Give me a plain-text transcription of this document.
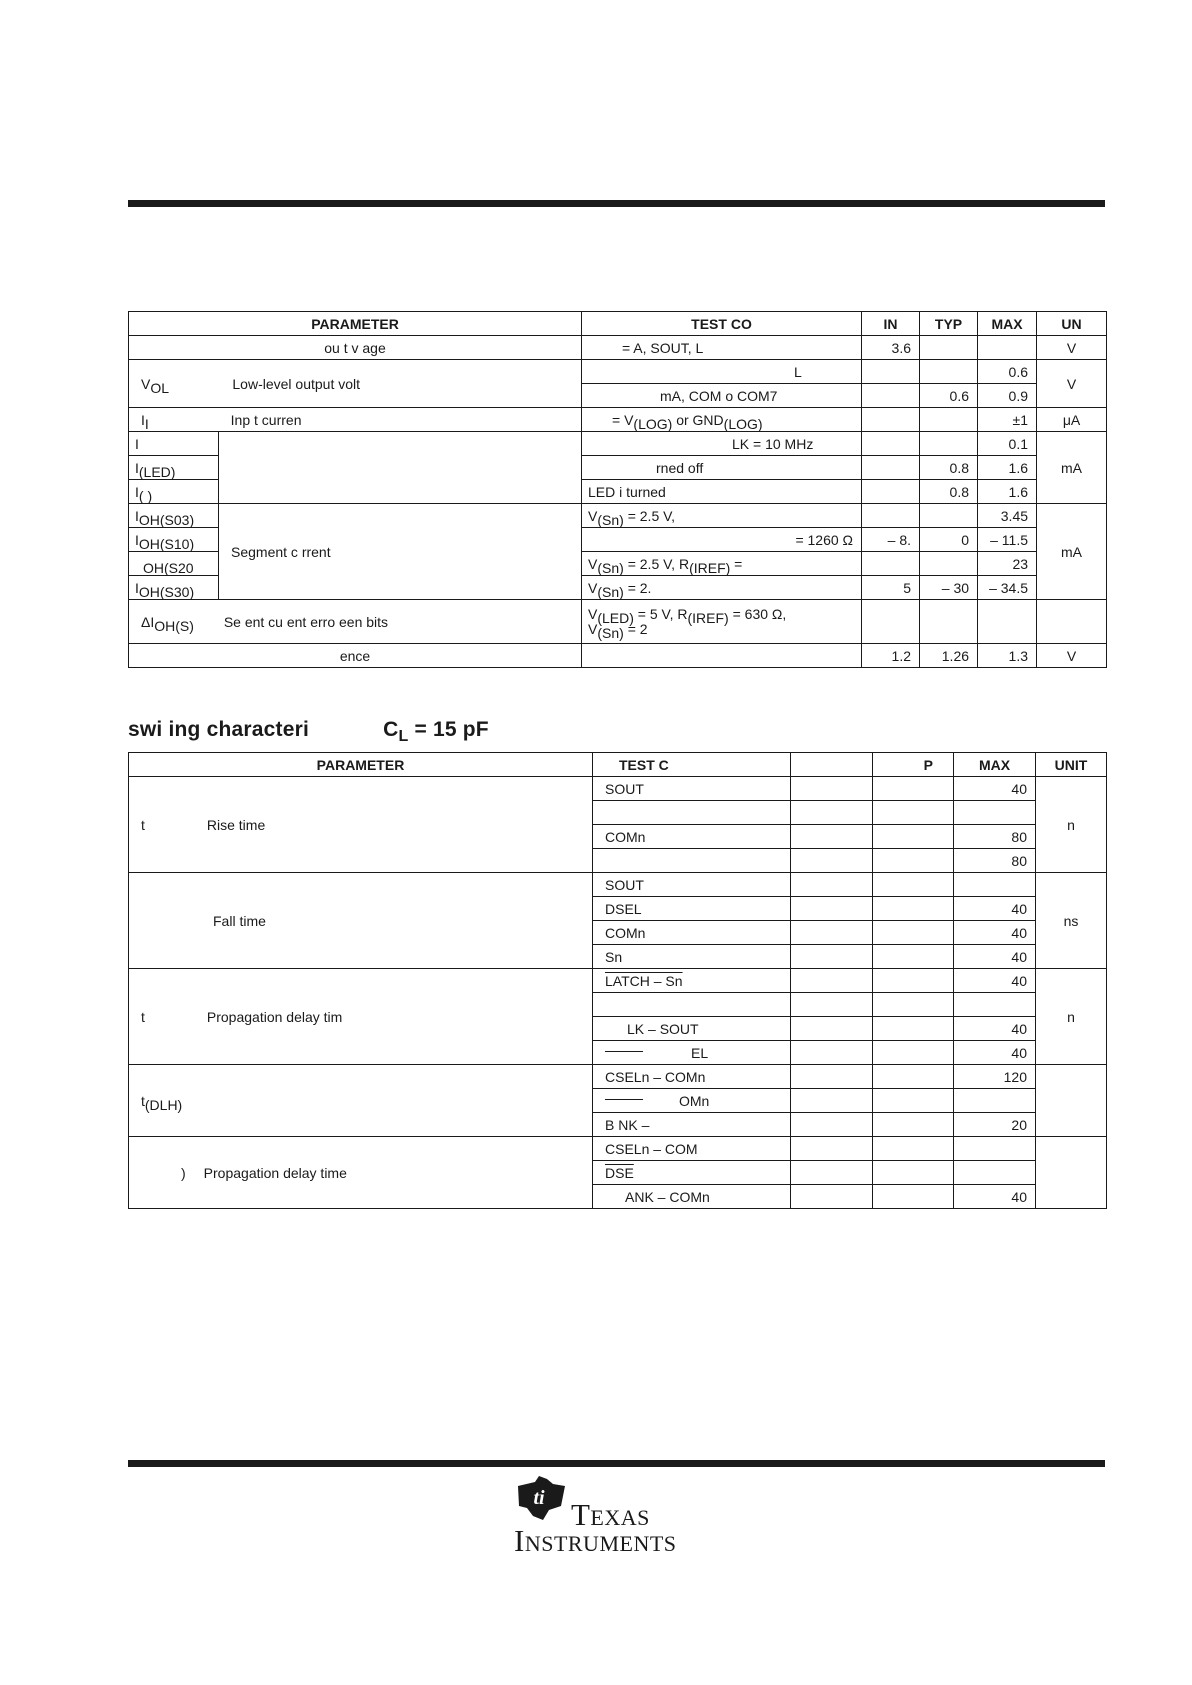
PARAMETER		TEST CO	IN	TYP	MAX	UN
ou t v age		= A, SOUT, L	3.6			V
VOL Low-level output volt		L			0.6	V
		mA, COM o COM7		0.6	0.9	
II Inp t curren		= V(LOG) or GND(LOG)			±1	μA
I		LK = 10 MHz			0.1	mA
I(LED)		rned off		0.8	1.6	
I( )		LED i turned		0.8	1.6	
IOH(S03)	Segment c rrent	V(Sn) = 2.5 V,			3.45	mA
IOH(S10)		= 1260 Ω	– 8.	0	– 11.5	
OH(S20		V(Sn) = 2.5 V, R(IREF) =			23	
IOH(S30)		V(Sn) = 2.	5	– 30	– 34.5	
ΔIOH(S) Se ent cu ent erro een bits		V(LED) = 5 V, R(IREF) = 630 Ω,
V(Sn) = 2				
ence			1.2	1.26	1.3	V
swi ing characteri	$C_L = 15$ pF
PARAMETER	TEST C		P	MAX	UNIT
t Rise time	SOUT			40	n

	COMn			80	
				80	
Fall time	SOUT				ns
	DSEL			40	
	COMn			40	
	Sn			40	
t Propagation delay tim	LATCH – Sn			40	n

	LK – SOUT			40	
	EL			40	
t(DLH)	CSELn – COMn			120	
	OMn				
	B NK –			20	
) Propagation delay time	CSELn – COM				
	$\overline{DSE}$			
	ANK – COMn			40	
ti Texas
Instruments
